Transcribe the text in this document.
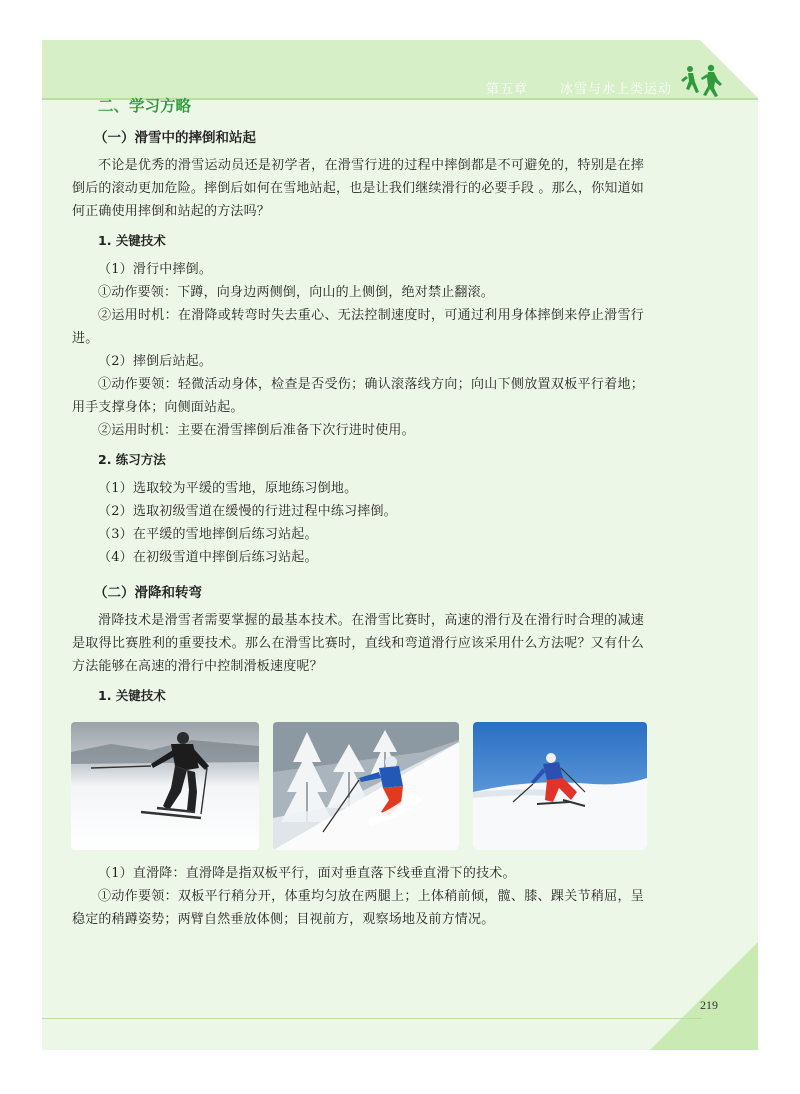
第五章 冰雪与水上类运动
219
二、学习方略
（一）滑雪中的摔倒和站起

不论是优秀的滑雪运动员还是初学者，在滑雪行进的过程中摔倒都是不可避免的，特别是在摔倒后的滚动更加危险。摔倒后如何在雪地站起，也是让我们继续滑行的必要手段 。那么，你知道如何正确使用摔倒和站起的方法吗？

1. 关键技术

（1）滑行中摔倒。

①动作要领：下蹲，向身边两侧倒，向山的上侧倒，绝对禁止翻滚。

②运用时机：在滑降或转弯时失去重心、无法控制速度时，可通过利用身体摔倒来停止滑雪行进。

（2）摔倒后站起。

①动作要领：轻微活动身体，检查是否受伤；确认滚落线方向；向山下侧放置双板平行着地；用手支撑身体；向侧面站起。

②运用时机：主要在滑雪摔倒后准备下次行进时使用。

2. 练习方法

（1）选取较为平缓的雪地，原地练习倒地。

（2）选取初级雪道在缓慢的行进过程中练习摔倒。

（3）在平缓的雪地摔倒后练习站起。

（4）在初级雪道中摔倒后练习站起。

（二）滑降和转弯

滑降技术是滑雪者需要掌握的最基本技术。在滑雪比赛时，高速的滑行及在滑行时合理的减速是取得比赛胜利的重要技术。那么在滑雪比赛时，直线和弯道滑行应该采用什么方法呢？又有什么方法能够在高速的滑行中控制滑板速度呢？

1. 关键技术

（1）直滑降：直滑降是指双板平行，面对垂直落下线垂直滑下的技术。

①动作要领：双板平行稍分开，体重均匀放在两腿上；上体稍前倾，髋、膝、踝关节稍屈，呈稳定的稍蹲姿势；两臂自然垂放体侧；目视前方，观察场地及前方情况。
